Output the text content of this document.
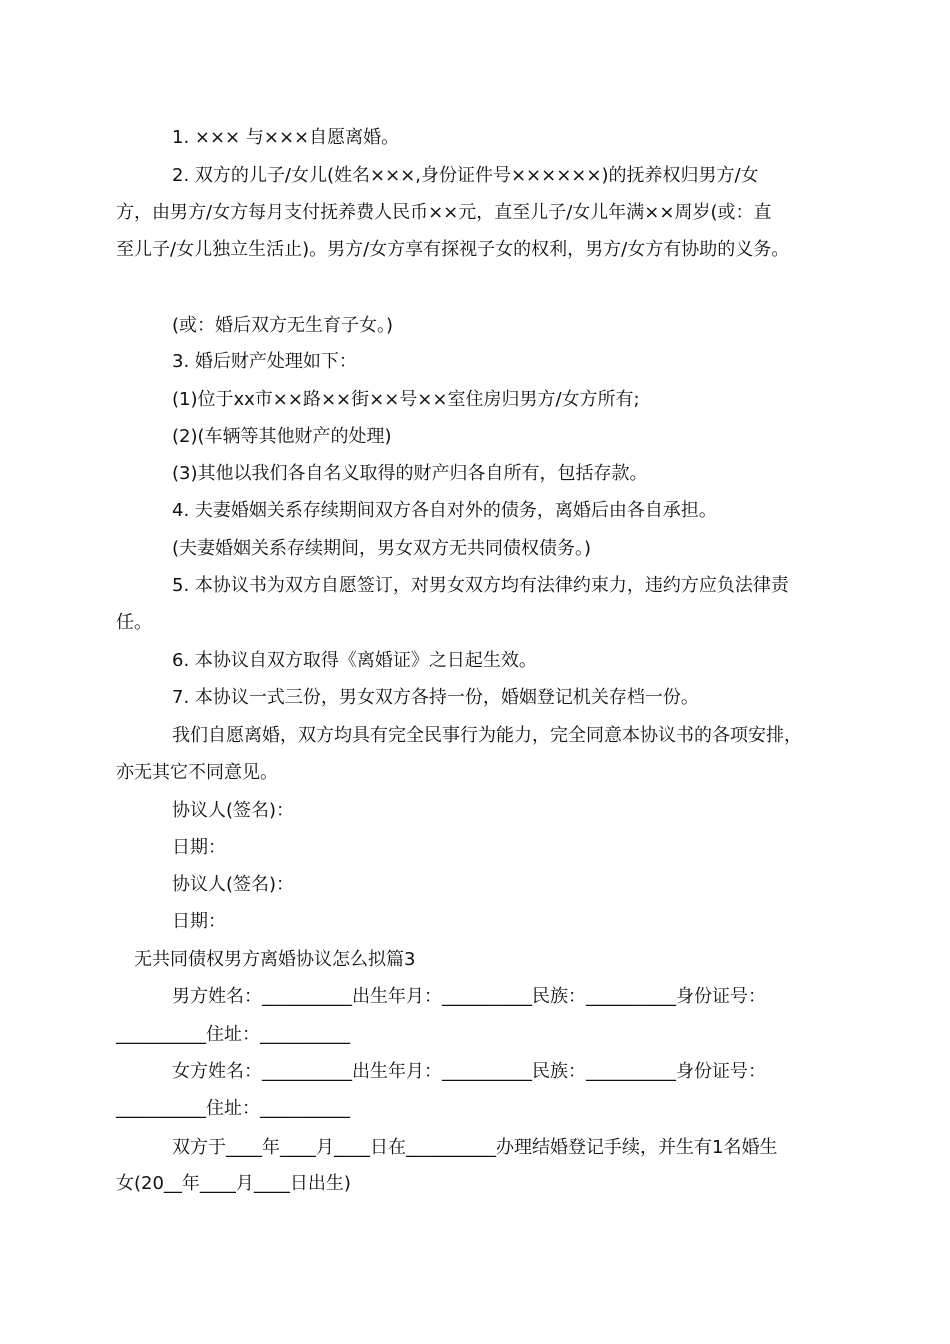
1. ××× 与×××自愿离婚。
2. 双方的儿子/女儿(姓名×××,身份证件号××××××)的抚养权归男方/女
方，由男方/女方每月支付抚养费人民币××元，直至儿子/女儿年满××周岁(或：直
至儿子/女儿独立生活止)。男方/女方享有探视子女的权利，男方/女方有协助的义务。
(或：婚后双方无生育子女。)
3. 婚后财产处理如下：
(1)位于xx市××路××街××号××室住房归男方/女方所有;
(2)(车辆等其他财产的处理)
(3)其他以我们各自名义取得的财产归各自所有，包括存款。
4. 夫妻婚姻关系存续期间双方各自对外的债务，离婚后由各自承担。
(夫妻婚姻关系存续期间，男女双方无共同债权债务。)
5. 本协议书为双方自愿签订，对男女双方均有法律约束力，违约方应负法律责
任。
6. 本协议自双方取得《离婚证》之日起生效。
7. 本协议一式三份，男女双方各持一份，婚姻登记机关存档一份。
我们自愿离婚，双方均具有完全民事行为能力，完全同意本协议书的各项安排，
亦无其它不同意见。
协议人(签名)：
日期：
协议人(签名)：
日期：
无共同债权男方离婚协议怎么拟篇3
男方姓名：__________出生年月：__________民族：__________身份证号：
__________住址：__________
女方姓名：__________出生年月：__________民族：__________身份证号：
__________住址：__________
双方于____年____月____日在__________办理结婚登记手续，并生有1名婚生
女(20__年____月____日出生)
